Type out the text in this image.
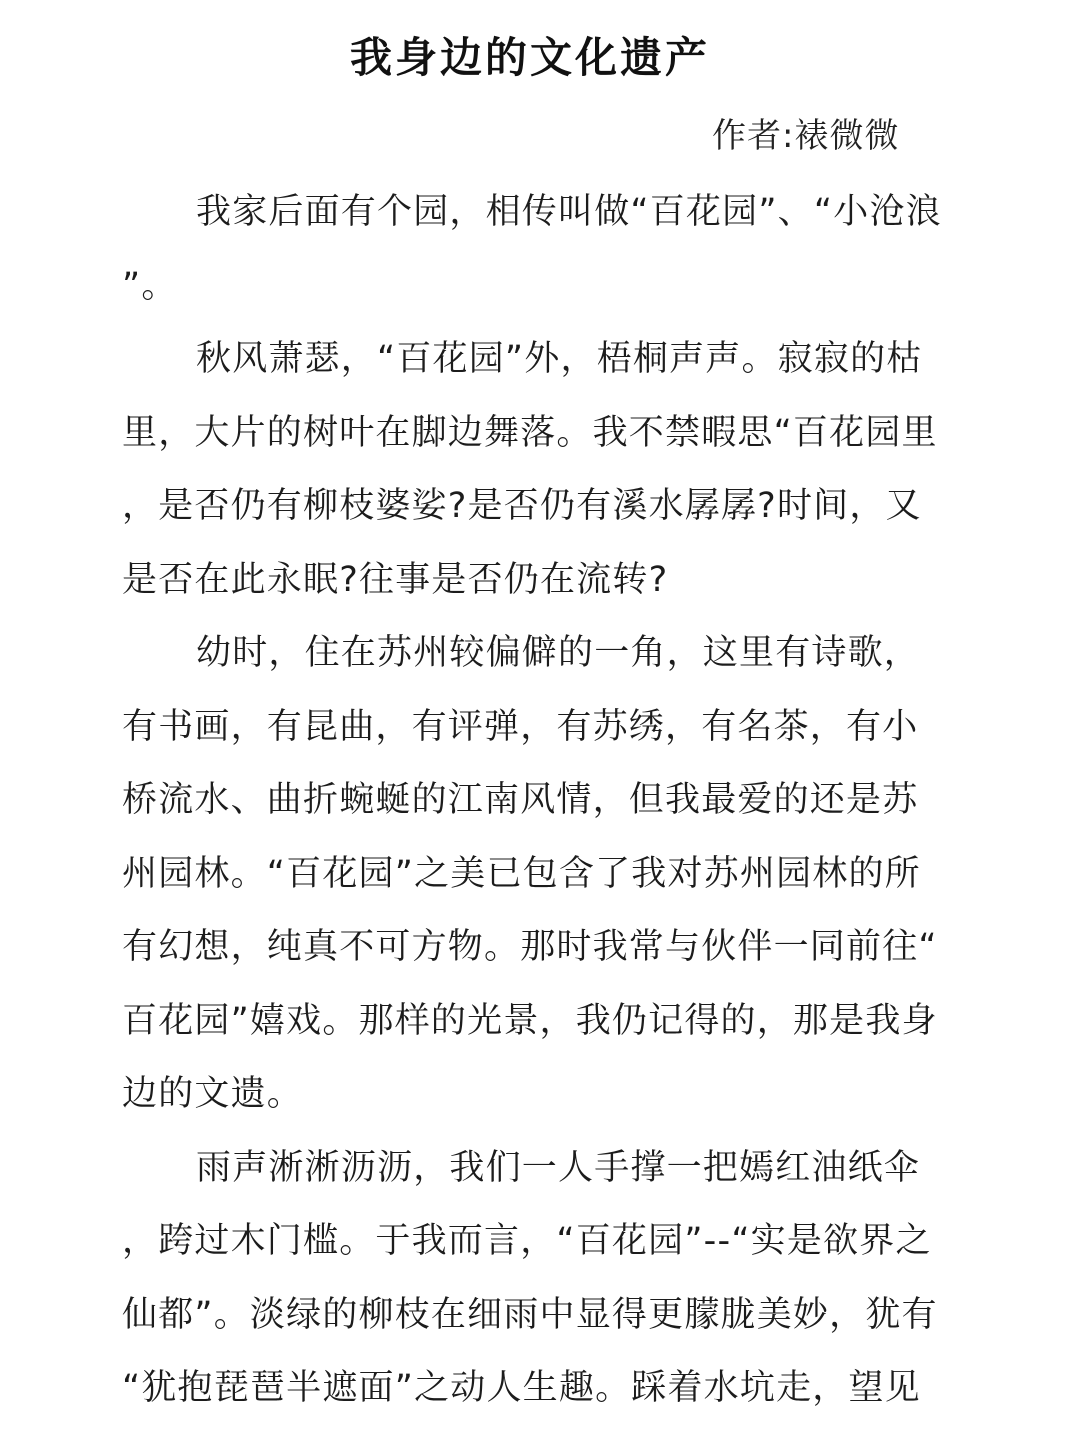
我身边的文化遗产
作者:裱微微
我家后面有个园，相传叫做“百花园”、“小沧浪
”。
秋风萧瑟，“百花园”外，梧桐声声。寂寂的枯
里，大片的树叶在脚边舞落。我不禁暇思“百花园里
，是否仍有柳枝婆娑?是否仍有溪水孱孱?时间，又
是否在此永眠?往事是否仍在流转?
幼时，住在苏州较偏僻的一角，这里有诗歌，
有书画，有昆曲，有评弹，有苏绣，有名茶，有小
桥流水、曲折蜿蜒的江南风情，但我最爱的还是苏
州园林。“百花园”之美已包含了我对苏州园林的所
有幻想，纯真不可方物。那时我常与伙伴一同前往“
百花园”嬉戏。那样的光景，我仍记得的，那是我身
边的文遗。
雨声淅淅沥沥，我们一人手撑一把嫣红油纸伞
，跨过木门槛。于我而言，“百花园”--“实是欲界之
仙都”。淡绿的柳枝在细雨中显得更朦胧美妙，犹有
“犹抱琵琶半遮面”之动人生趣。踩着水坑走，望见
